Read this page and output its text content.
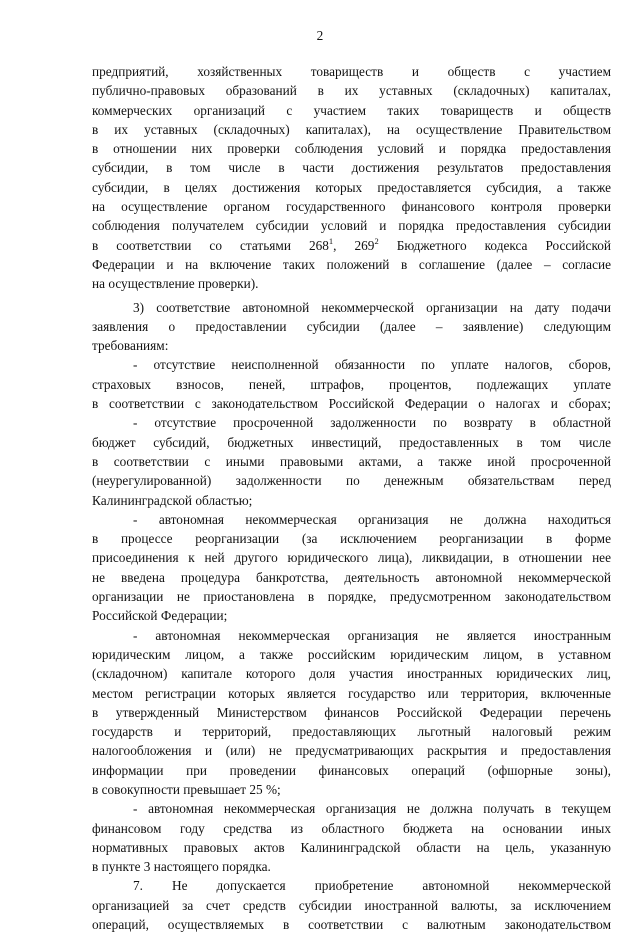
2
предприятий, хозяйственных товариществ и обществ с участием
публично-правовых образований в их уставных (складочных) капиталах,
коммерческих организаций с участием таких товариществ и обществ
в их уставных (складочных) капиталах), на осуществление Правительством
в отношении них проверки соблюдения условий и порядка предоставления
субсидии, в том числе в части достижения результатов предоставления
субсидии, в целях достижения которых предоставляется субсидия, а также
на осуществление органом государственного финансового контроля проверки
соблюдения получателем субсидии условий и порядка предоставления субсидии
в соответствии со статьями $268^1$, $269^2$ Бюджетного кодекса Российской
Федерации и на включение таких положений в соглашение (далее – согласие
на осуществление проверки).
3) соответствие автономной некоммерческой организации на дату подачи
заявления о предоставлении субсидии (далее – заявление) следующим
требованиям:
- отсутствие неисполненной обязанности по уплате налогов, сборов,
страховых взносов, пеней, штрафов, процентов, подлежащих уплате
в соответствии с законодательством Российской Федерации о налогах и сборах;
- отсутствие просроченной задолженности по возврату в областной
бюджет субсидий, бюджетных инвестиций, предоставленных в том числе
в соответствии с иными правовыми актами, а также иной просроченной
(неурегулированной) задолженности по денежным обязательствам перед
Калининградской областью;
- автономная некоммерческая организация не должна находиться
в процессе реорганизации (за исключением реорганизации в форме
присоединения к ней другого юридического лица), ликвидации, в отношении нее
не введена процедура банкротства, деятельность автономной некоммерческой
организации не приостановлена в порядке, предусмотренном законодательством
Российской Федерации;
- автономная некоммерческая организация не является иностранным
юридическим лицом, а также российским юридическим лицом, в уставном
(складочном) капитале которого доля участия иностранных юридических лиц,
местом регистрации которых является государство или территория, включенные
в утвержденный Министерством финансов Российской Федерации перечень
государств и территорий, предоставляющих льготный налоговый режим
налогообложения и (или) не предусматривающих раскрытия и предоставления
информации при проведении финансовых операций (офшорные зоны),
в совокупности превышает 25 %;
- автономная некоммерческая организация не должна получать в текущем
финансовом году средства из областного бюджета на основании иных
нормативных правовых актов Калининградской области на цель, указанную
в пункте 3 настоящего порядка.
7. Не допускается приобретение автономной некоммерческой
организацией за счет средств субсидии иностранной валюты, за исключением
операций, осуществляемых в соответствии с валютным законодательством
